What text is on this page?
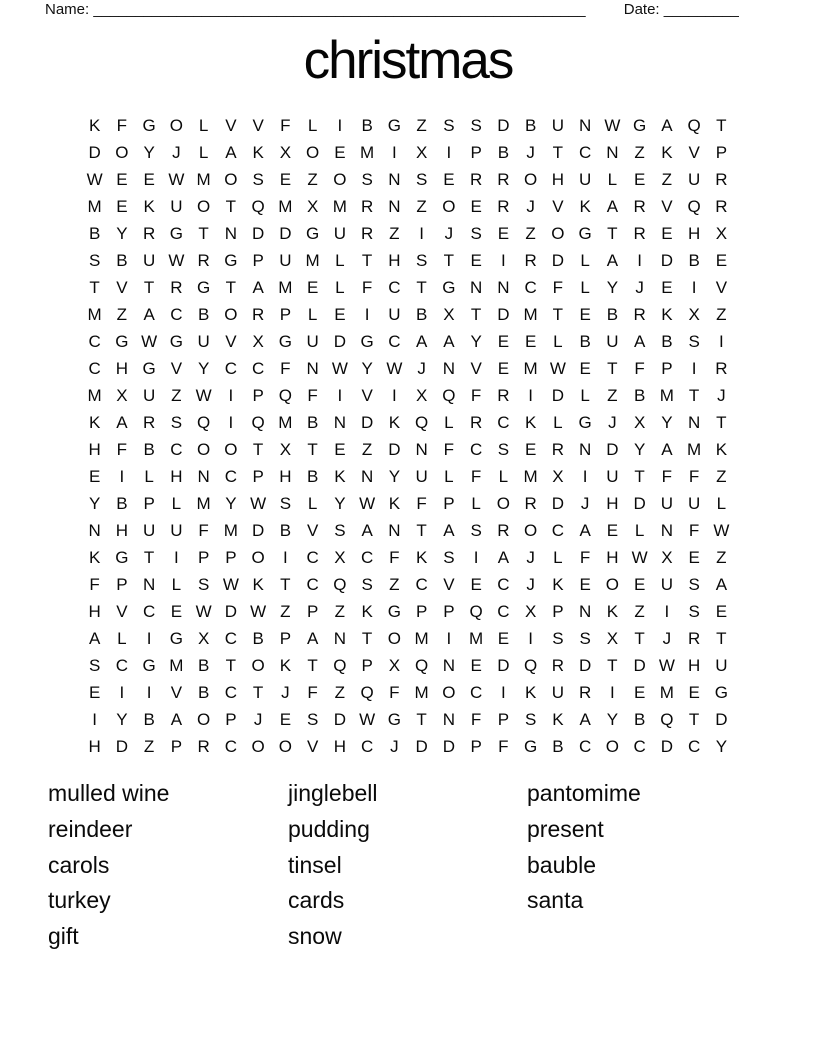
Name: ___________________________________________________________	Date: _________
christmas
K F G O L V V F	L	I	B G Z S S D B U N W G A Q T
D O Y	J	L A K X O E M	I	X	I	P B	J	T C N Z K V P
W E E W M O S E Z O S N S E R R O H U L E Z U R
M E K U O T Q M X M R N Z O E R J	V K A R V Q R
B Y R G T N D D G U R Z	I	J	S E Z O G T R E H X
S B U W R G P U M L	T H S T E	I	R D L A	I	D B E
T V T R G T A M E L	F C T G N N C F	L Y	J	E	I	V
M Z A C B O R P L E	I	U B X T D M T E B R K X Z
C G W G U V X G U D G C A A Y E E L B U A B S	I
C H G V Y C C F N W Y W J N V E M W E T F P	I	R
M X U Z W I	P Q F	I	V	I	X Q F R	I	D L	Z B M T	J
K A R S Q	I	Q M B N D K Q L R C K L G J	X Y N T
H F B C O O T X T E Z D N F C S E R N D Y A M K
E	I	L H N C P H B K N Y U L	F	L M X	I	U T F F Z
Y B P L M Y W S L Y W K F P L O R D J H D U U L
N H U U F M D B V S A N T A S R O C A E L N F W
K G T	I	P P O	I	C X C F K S	I	A	J	L	F H W X E Z
F P N L S W K T C Q S Z C V E C J	K E O E U S A
H V C E W D W Z P Z K G P P Q C X P N K Z	I	S E
A L	I	G X C B P A N T O M	I	M E	I	S S X T	J R T
S C G M B T O K T Q P X Q N E D Q R D T D W H U
E	I	I	V B C T	J	F Z Q F M O C	I	K U R	I	E M E G
I	Y B A O P	J	E S D W G T N F P S K A Y B Q T D
H D Z P R C O O V H C J D D P F G B C O C D C Y
mulled wine
reindeer
carols
turkey
gift
jinglebell
pudding
tinsel
cards
snow
pantomime
present
bauble
santa
